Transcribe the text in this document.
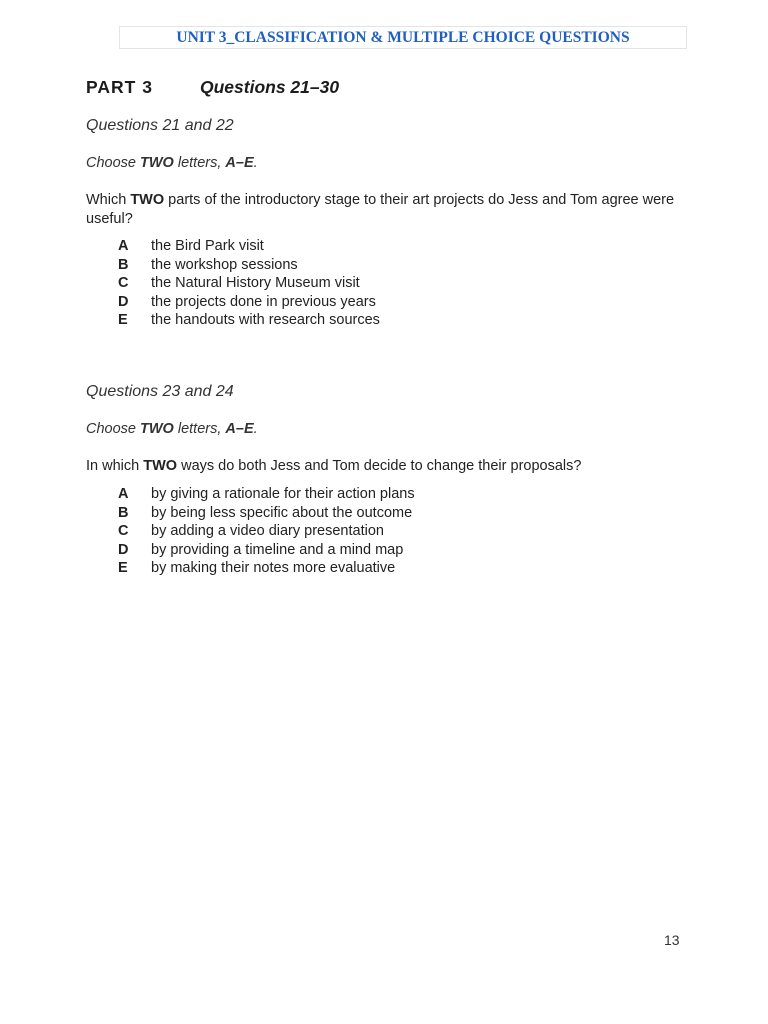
UNIT 3_CLASSIFICATION & MULTIPLE CHOICE QUESTIONS
PART 3	Questions 21–30
Questions 21 and 22
Choose TWO letters, A–E.
Which TWO parts of the introductory stage to their art projects do Jess and Tom agree were useful?
A	the Bird Park visit
B	the workshop sessions
C	the Natural History Museum visit
D	the projects done in previous years
E	the handouts with research sources
Questions 23 and 24
Choose TWO letters, A–E.
In which TWO ways do both Jess and Tom decide to change their proposals?
A	by giving a rationale for their action plans
B	by being less specific about the outcome
C	by adding a video diary presentation
D	by providing a timeline and a mind map
E	by making their notes more evaluative
13
